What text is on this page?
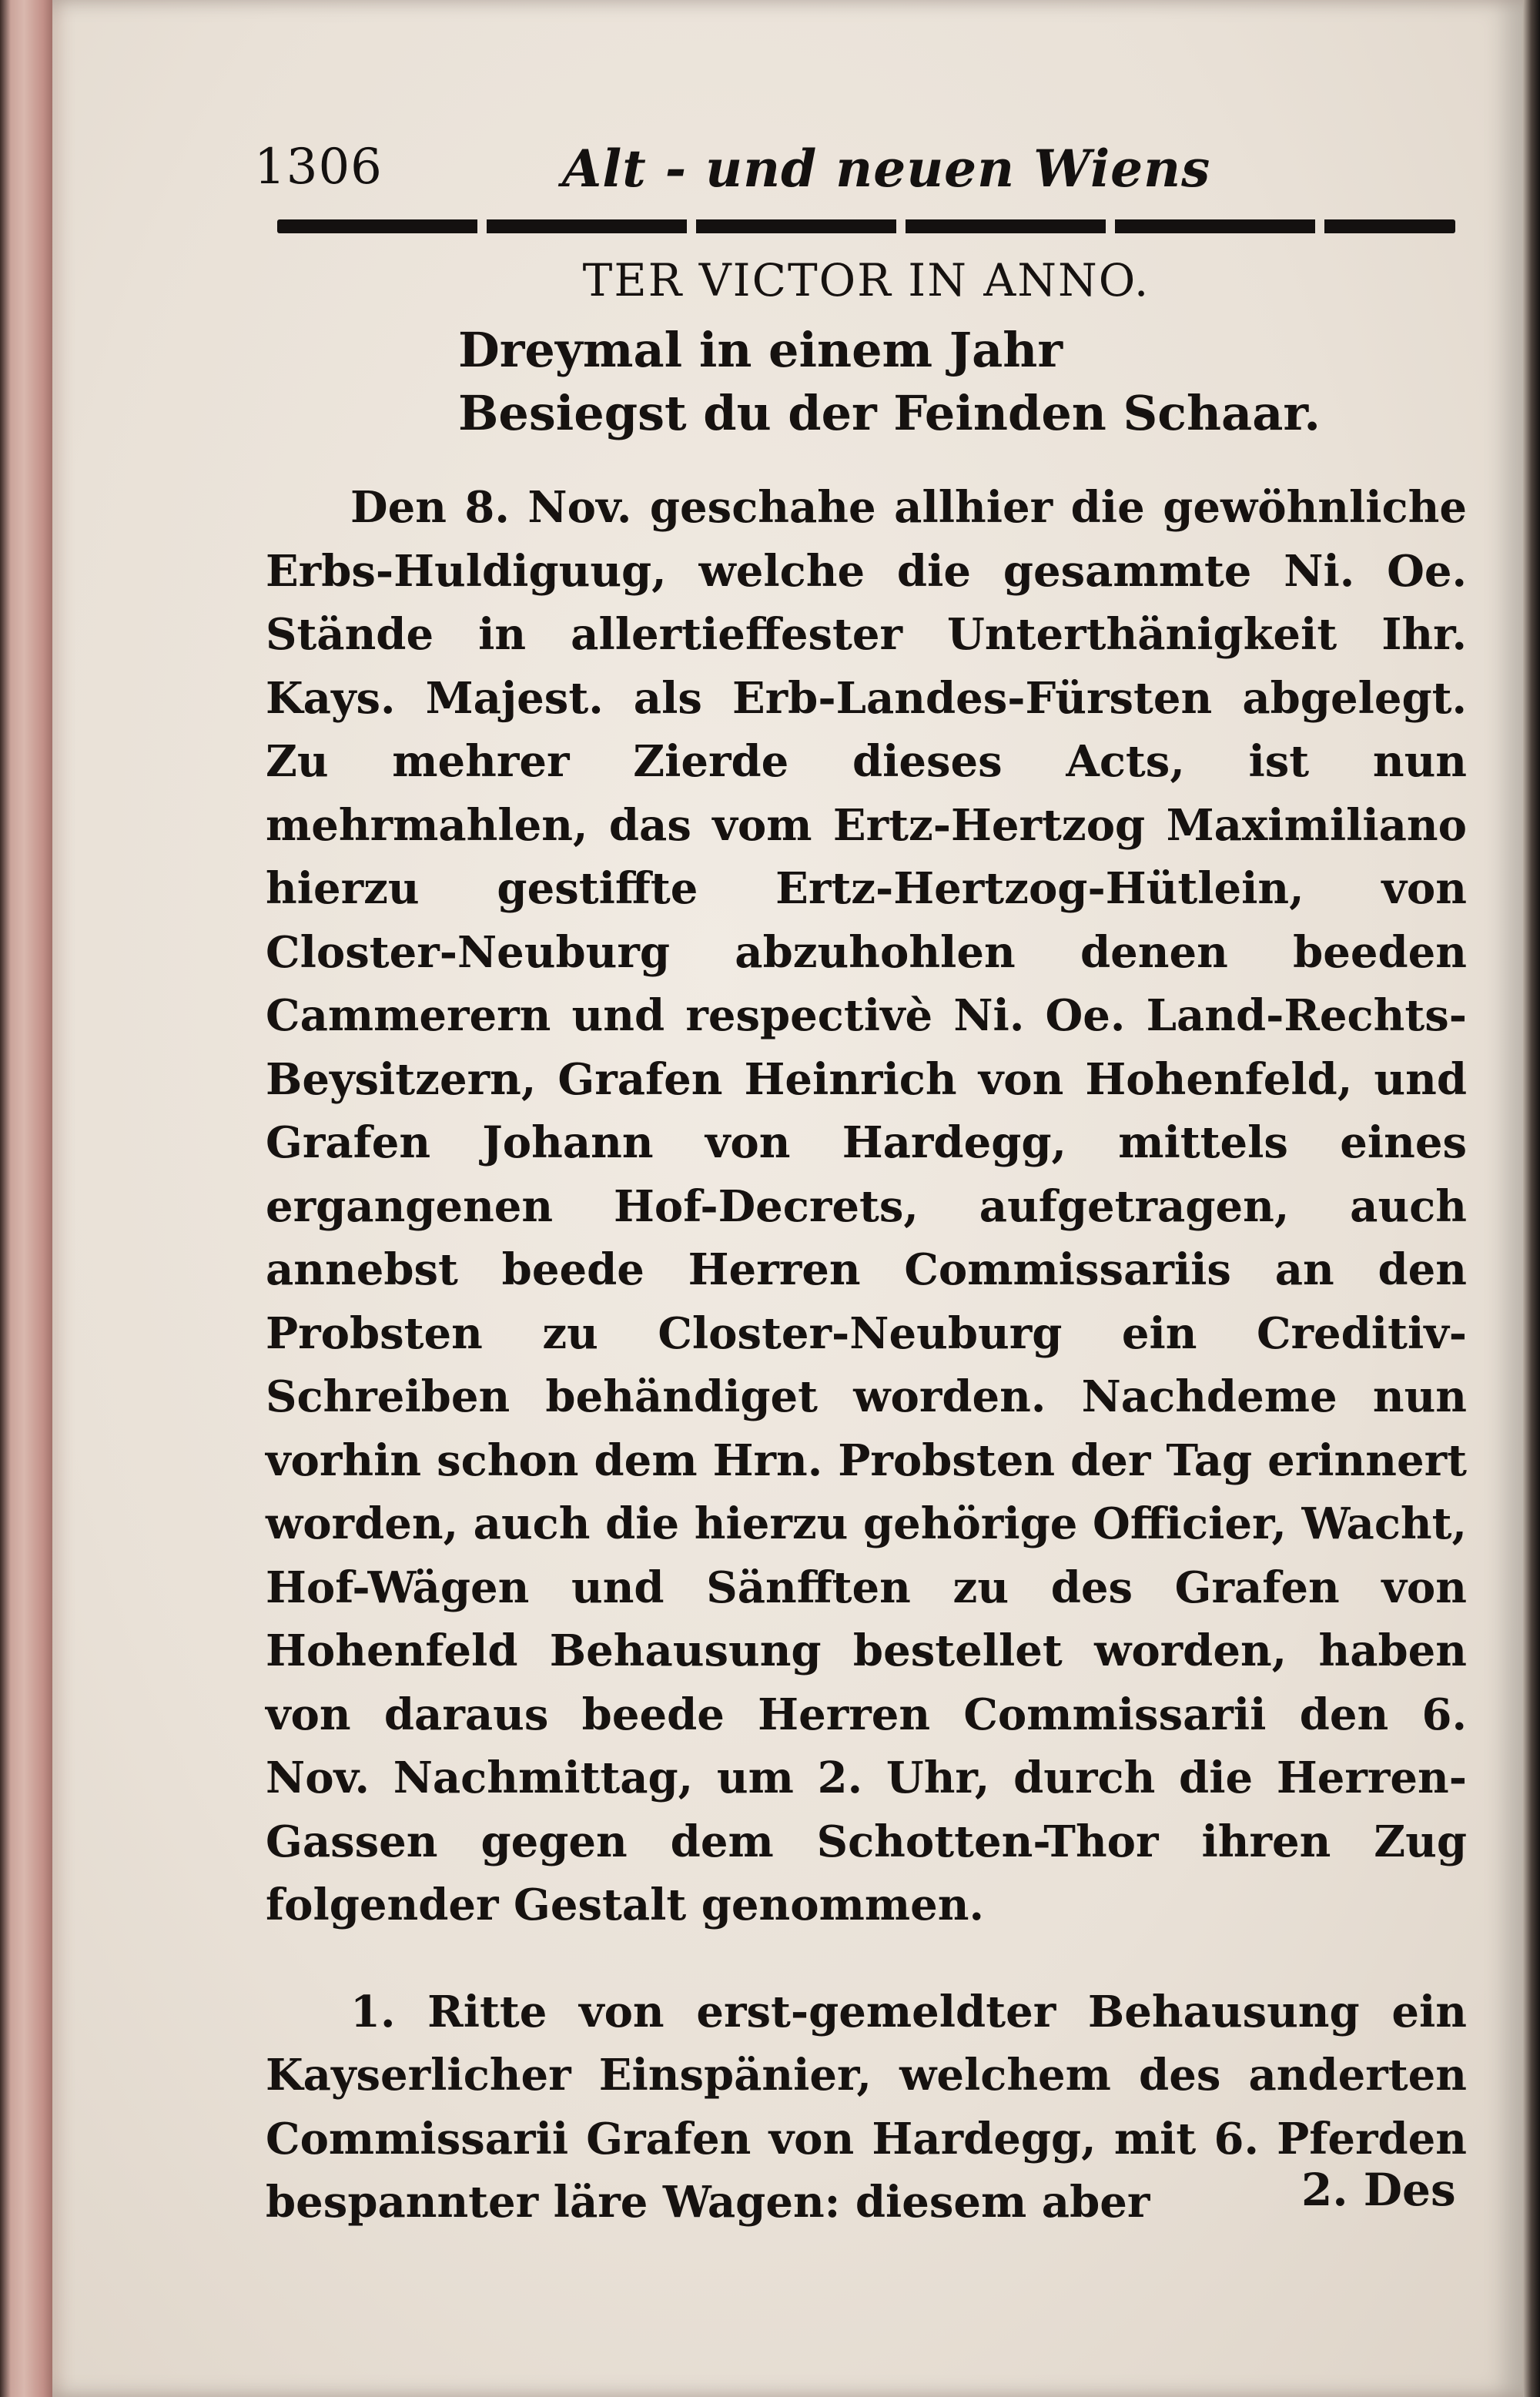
1306	Alt - und neuen Wiens
TER VICTOR IN ANNO.
Dreymal in einem Jahr
Besiegst du der Feinden Schaar.

Den 8. Nov. geschahe allhier die gewöhnliche Erbs-Huldiguug, welche die gesammte Ni. Oe. Stände in allertieffester Unterthänigkeit Ihr. Kays. Majest. als Erb-Landes-Fürsten abgelegt. Zu mehrer Zierde dieses Acts, ist nun mehrmahlen, das vom Ertz-Hertzog Maximiliano hierzu gestiffte Ertz-Hertzog-Hütlein, von Closter-Neuburg abzuhohlen denen beeden Cammerern und respectivè Ni. Oe. Land-Rechts-Beysitzern, Grafen Heinrich von Hohenfeld, und Grafen Johann von Hardegg, mittels eines ergangenen Hof-Decrets, aufgetragen, auch annebst beede Herren Commissariis an den Probsten zu Closter-Neuburg ein Creditiv-Schreiben behändiget worden. Nachdeme nun vorhin schon dem Hrn. Probsten der Tag erinnert worden, auch die hierzu gehörige Officier, Wacht, Hof-Wägen und Sänfften zu des Grafen von Hohenfeld Behausung bestellet worden, haben von daraus beede Herren Commissarii den 6. Nov. Nachmittag, um 2. Uhr, durch die Herren-Gassen gegen dem Schotten-Thor ihren Zug folgender Gestalt genommen.

1. Ritte von erst-gemeldter Behausung ein Kayserlicher Einspänier, welchem des anderten Commissarii Grafen von Hardegg, mit 6. Pferden bespannter läre Wagen: diesem aber	2. Des
